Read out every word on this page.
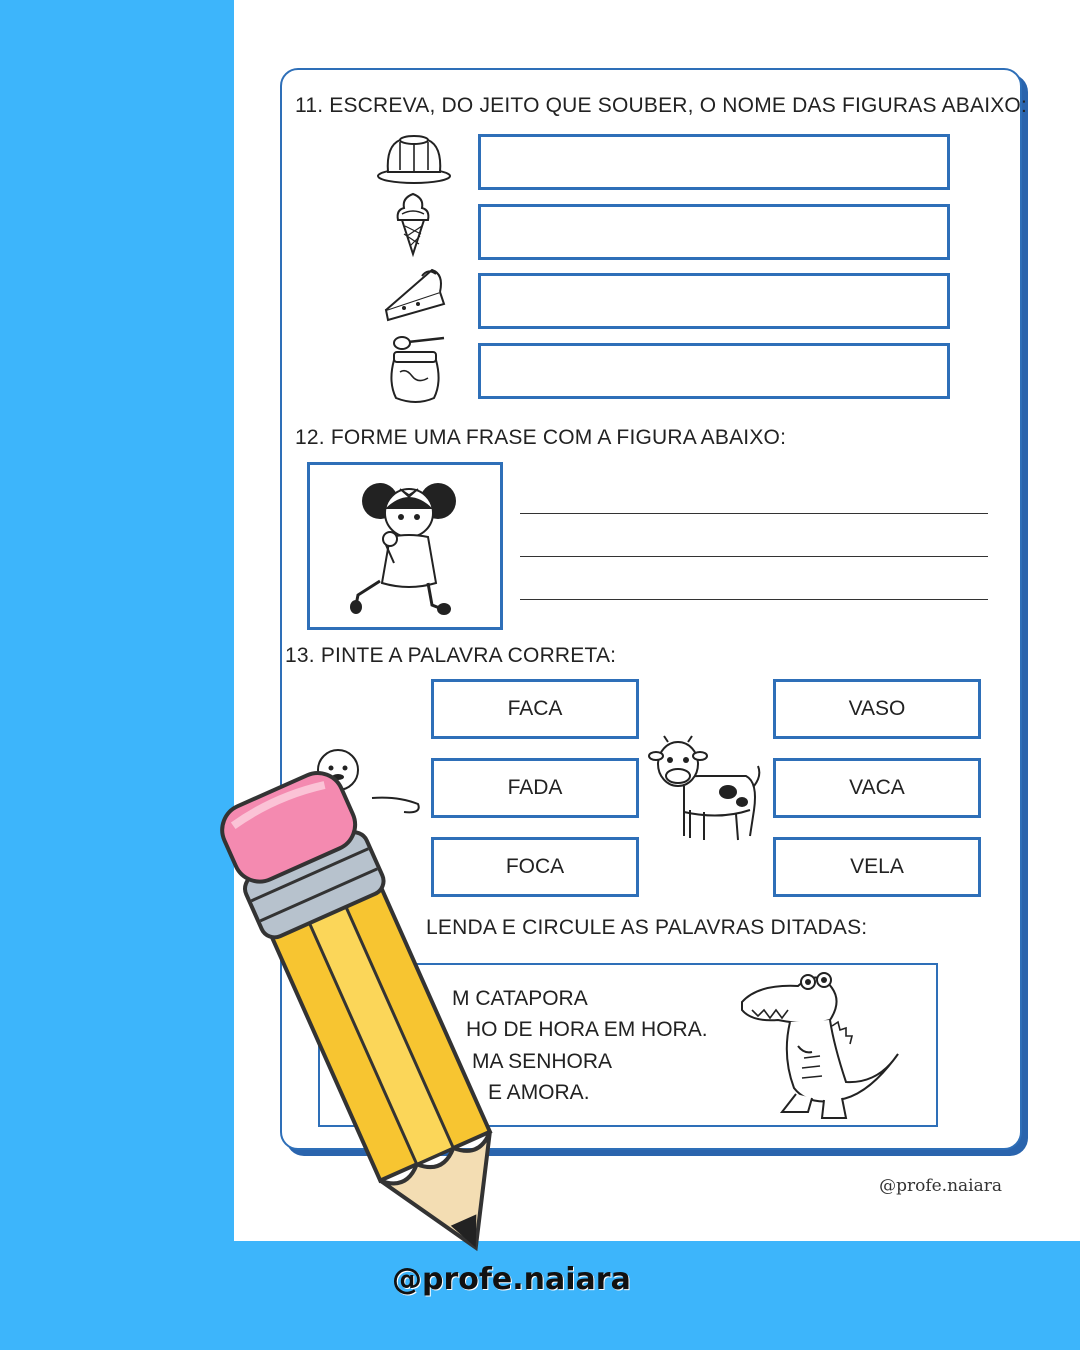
11. ESCREVA, DO JEITO QUE SOUBER, O NOME DAS FIGURAS ABAIXO:
12. FORME UMA FRASE COM A FIGURA ABAIXO:
13. PINTE A PALAVRA CORRETA:
FACA
FADA
FOCA
VASO
VACA
VELA
LENDA E CIRCULE AS PALAVRAS DITADAS:
M CATAPORA
HO DE HORA EM HORA.
MA SENHORA
E AMORA.
@profe.naiara
@profe.naiara
